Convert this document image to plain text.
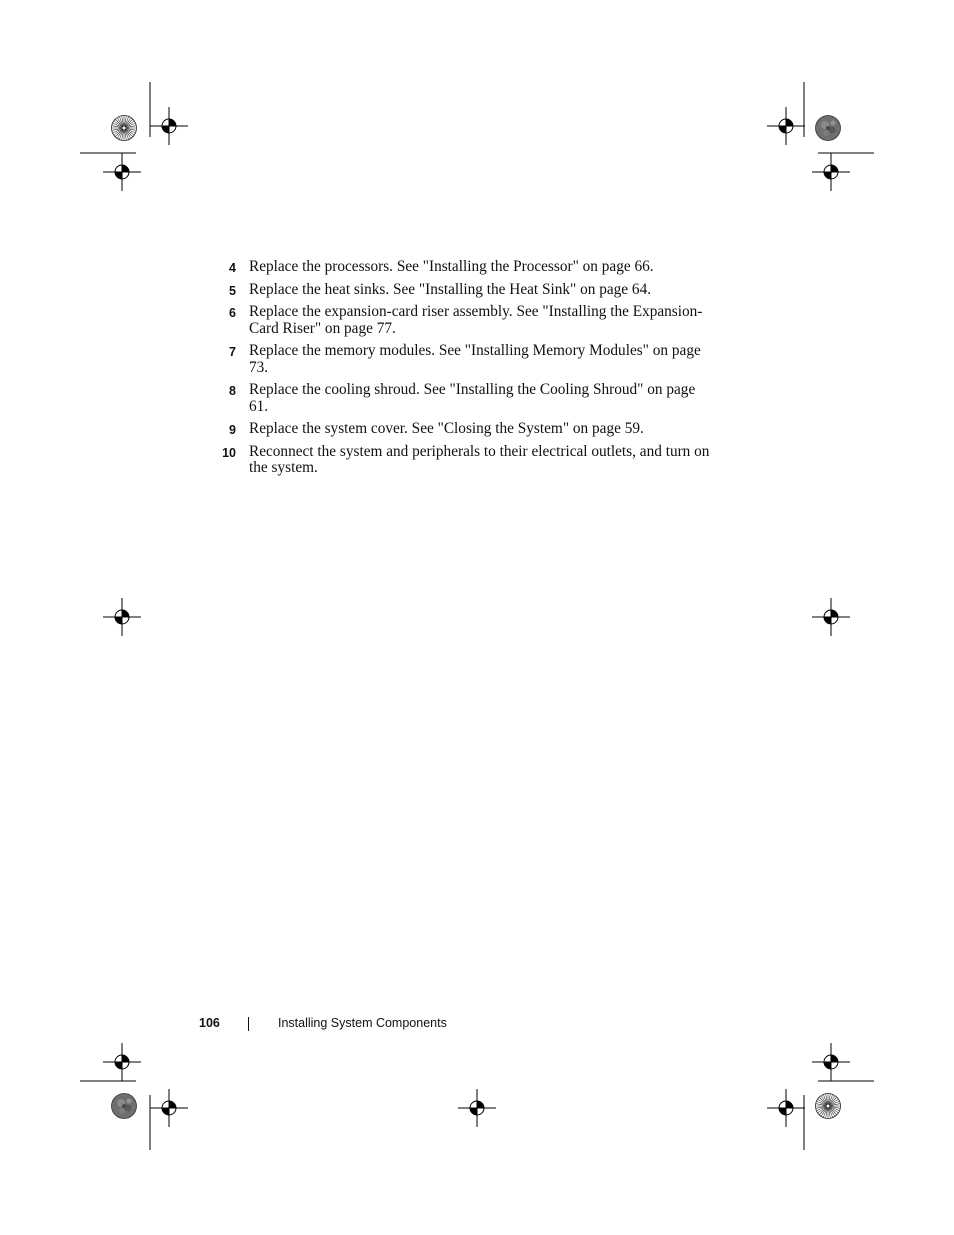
4 Replace the processors. See "Installing the Processor" on page 66.
5 Replace the heat sinks. See "Installing the Heat Sink" on page 64.
6 Replace the expansion-card riser assembly. See "Installing the Expansion-Card Riser" on page 77.
7 Replace the memory modules. See "Installing Memory Modules" on page 73.
8 Replace the cooling shroud. See "Installing the Cooling Shroud" on page 61.
9 Replace the system cover. See "Closing the System" on page 59.
10 Reconnect the system and peripherals to their electrical outlets, and turn on the system.
106	Installing System Components
